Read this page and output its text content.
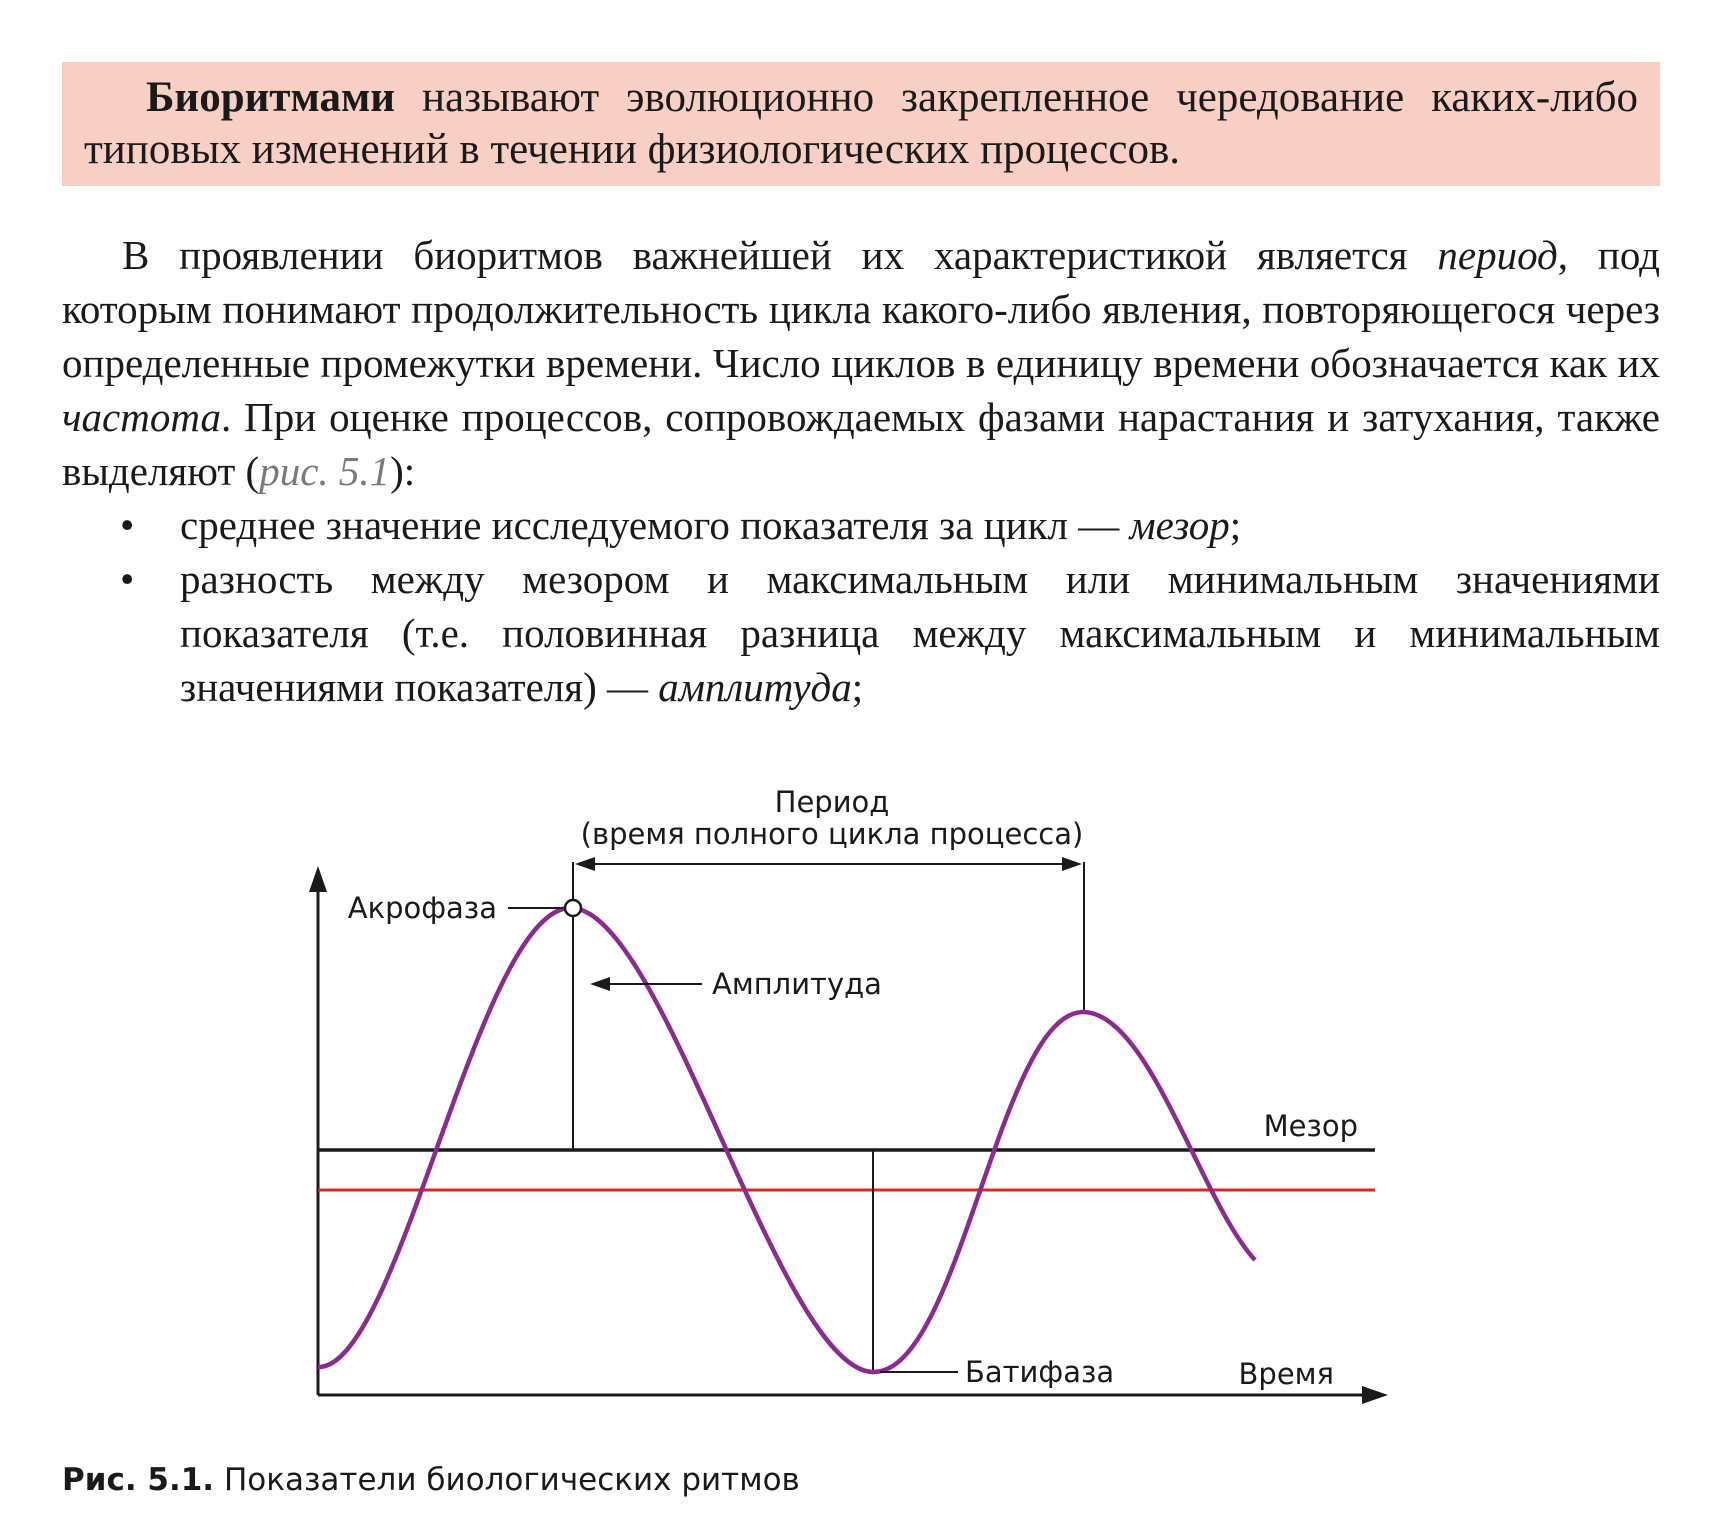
Биоритмами называют эволюционно закрепленное чередование каких-либо типовых изменений в течении физиологических процессов.

В проявлении биоритмов важнейшей их характеристикой является период, под которым понимают продолжительность цикла какого-либо явления, повторяющегося через определенные промежутки времени. Число циклов в единицу времени обозначается как их частота. При оценке процессов, сопровождаемых фазами нарастания и затухания, также выделяют (рис. 5.1):

• среднее значение исследуемого показателя за цикл — мезор;
• разность между мезором и максимальным или минимальным значениями показателя (т.е. половинная разница между максимальным и минимальным значениями показателя) — амплитуда;
Период
(время полного цикла процесса)
Акрофаза
Амплитуда
Мезор
Батифаза	Время
Рис. 5.1. Показатели биологических ритмов
